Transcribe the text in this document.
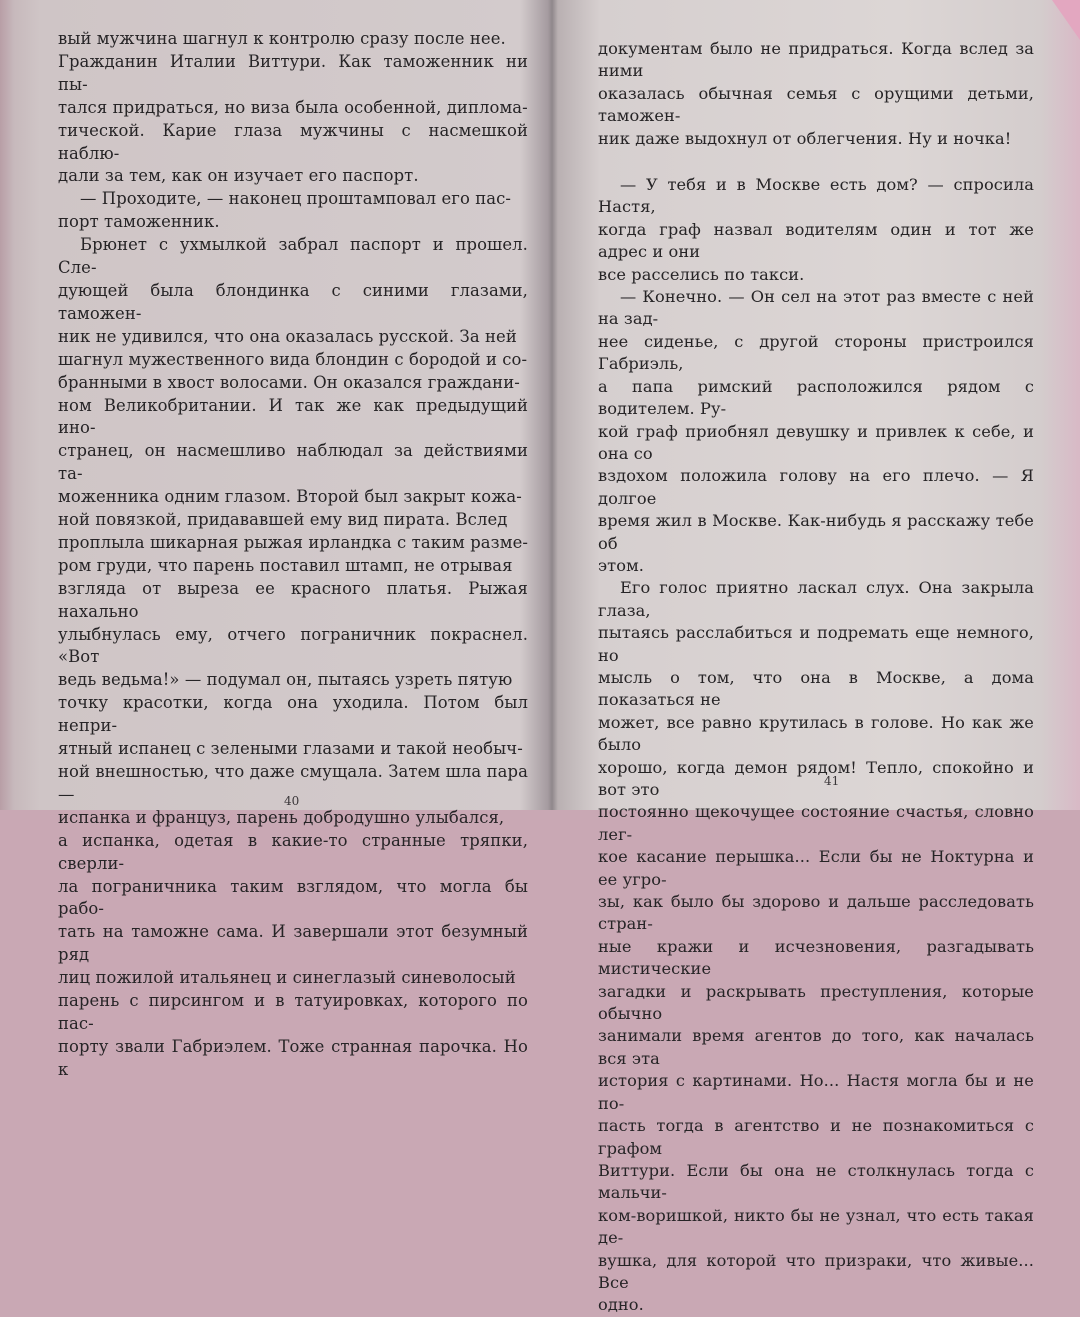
вый мужчина шагнул к контролю сразу после нее.

Гражданин Италии Виттури. Как таможенник ни пы-

тался придраться, но виза была особенной, диплома-

тической. Карие глаза мужчины с насмешкой наблю-

дали за тем, как он изучает его паспорт.

— Проходите, — наконец проштамповал его пас-

порт таможенник.

Брюнет с ухмылкой забрал паспорт и прошел. Сле-

дующей была блондинка с синими глазами, таможен-

ник не удивился, что она оказалась русской. За ней

шагнул мужественного вида блондин с бородой и со-

бранными в хвост волосами. Он оказался граждани-

ном Великобритании. И так же как предыдущий ино-

странец, он насмешливо наблюдал за действиями та-

моженника одним глазом. Второй был закрыт кожа-

ной повязкой, придававшей ему вид пирата. Вслед

проплыла шикарная рыжая ирландка с таким разме-

ром груди, что парень поставил штамп, не отрывая

взгляда от выреза ее красного платья. Рыжая нахально

улыбнулась ему, отчего пограничник покраснел. «Вот

ведь ведьма!» — подумал он, пытаясь узреть пятую

точку красотки, когда она уходила. Потом был непри-

ятный испанец с зелеными глазами и такой необыч-

ной внешностью, что даже смущала. Затем шла пара —

испанка и француз, парень добродушно улыбался,

а испанка, одетая в какие-то странные тряпки, сверли-

ла пограничника таким взглядом, что могла бы рабо-

тать на таможне сама. И завершали этот безумный ряд

лиц пожилой итальянец и синеглазый синеволосый

парень с пирсингом и в татуировках, которого по пас-

порту звали Габриэлем. Тоже странная парочка. Но к

40

документам было не придраться. Когда вслед за ними

оказалась обычная семья с орущими детьми, таможен-

ник даже выдохнул от облегчения. Ну и ночка!

— У тебя и в Москве есть дом? — спросила Настя,

когда граф назвал водителям один и тот же адрес и они

все расселись по такси.

— Конечно. — Он сел на этот раз вместе с ней на зад-

нее сиденье, с другой стороны пристроился Габриэль,

а папа римский расположился рядом с водителем. Ру-

кой граф приобнял девушку и привлек к себе, и она со

вздохом положила голову на его плечо. — Я долгое

время жил в Москве. Как-нибудь я расскажу тебе об

этом.

Его голос приятно ласкал слух. Она закрыла глаза,

пытаясь расслабиться и подремать еще немного, но

мысль о том, что она в Москве, а дома показаться не

может, все равно крутилась в голове. Но как же было

хорошо, когда демон рядом! Тепло, спокойно и вот это

постоянно щекочущее состояние счастья, словно лег-

кое касание перышка... Если бы не Ноктурна и ее угро-

зы, как было бы здорово и дальше расследовать стран-

ные кражи и исчезновения, разгадывать мистические

загадки и раскрывать преступления, которые обычно

занимали время агентов до того, как началась вся эта

история с картинами. Но... Настя могла бы и не по-

пасть тогда в агентство и не познакомиться с графом

Виттури. Если бы она не столкнулась тогда с мальчи-

ком-воришкой, никто бы не узнал, что есть такая де-

вушка, для которой что призраки, что живые... Все

одно.

41
